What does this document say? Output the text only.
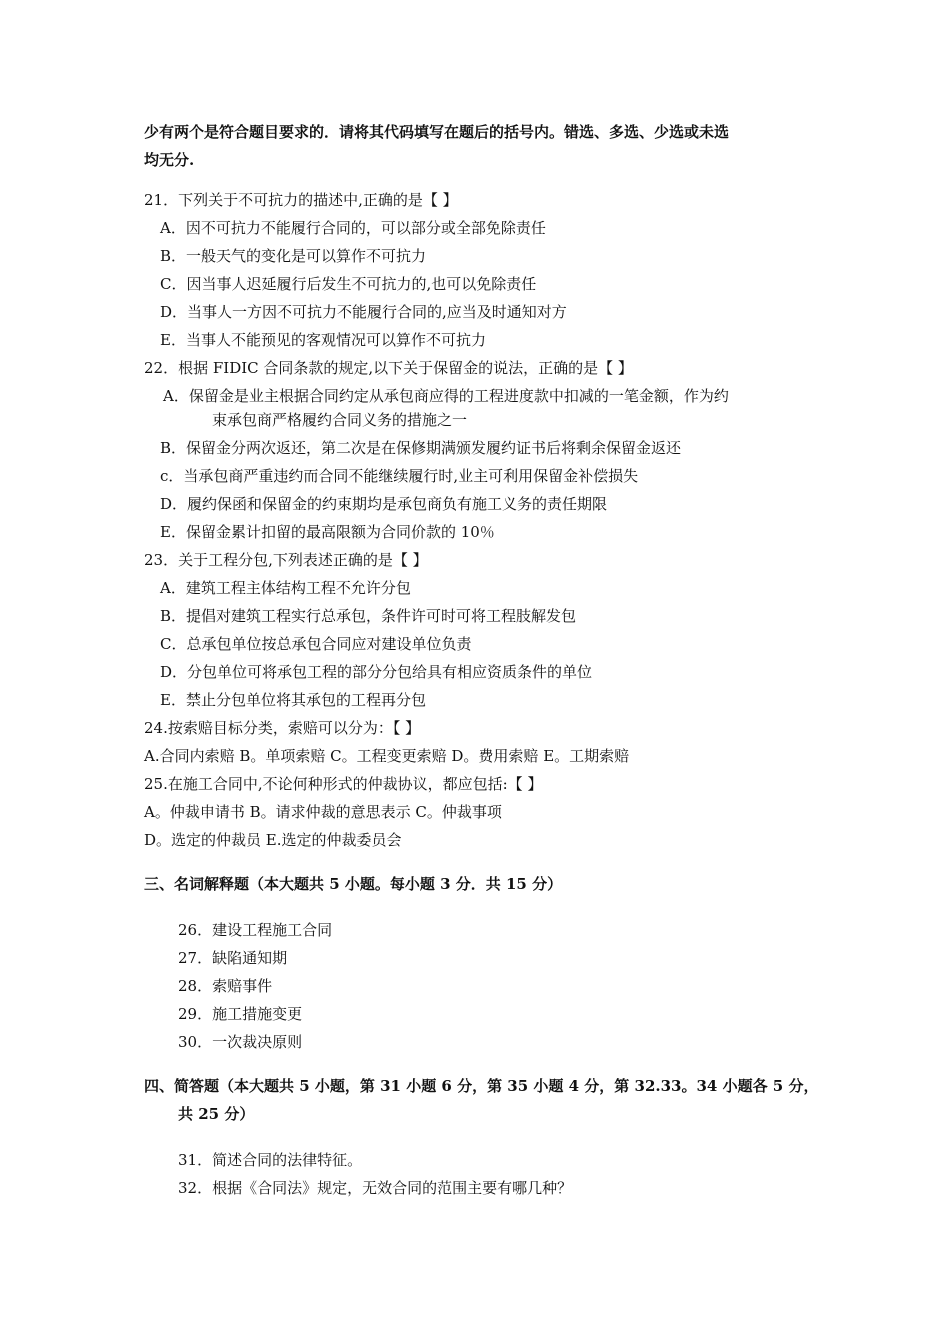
少有两个是符合题目要求的．请将其代码填写在题后的括号内。错选、多选、少选或未选
均无分.
21．下列关于不可抗力的描述中,正确的是【 】
A．因不可抗力不能履行合同的，可以部分或全部免除责任
B．一般天气的变化是可以算作不可抗力
C．因当事人迟延履行后发生不可抗力的,也可以免除责任
D．当事人一方因不可抗力不能履行合同的,应当及时通知对方
E．当事人不能预见的客观情况可以算作不可抗力
22．根据 FIDIC 合同条款的规定,以下关于保留金的说法，正确的是【 】
A．保留金是业主根据合同约定从承包商应得的工程进度款中扣减的一笔金额，作为约
束承包商严格履约合同义务的措施之一
B．保留金分两次返还，第二次是在保修期满颁发履约证书后将剩余保留金返还
c．当承包商严重违约而合同不能继续履行时,业主可利用保留金补偿损失
D．履约保函和保留金的约束期均是承包商负有施工义务的责任期限
E．保留金累计扣留的最高限额为合同价款的 10％
23．关于工程分包,下列表述正确的是【 】
A．建筑工程主体结构工程不允许分包
B．提倡对建筑工程实行总承包，条件许可时可将工程肢解发包
C．总承包单位按总承包合同应对建设单位负责
D．分包单位可将承包工程的部分分包给具有相应资质条件的单位
E．禁止分包单位将其承包的工程再分包
24.按索赔目标分类，索赔可以分为：【 】
A.合同内索赔 B。单项索赔 C。工程变更索赔 D。费用索赔 E。工期索赔
25.在施工合同中,不论何种形式的仲裁协议，都应包括:【 】
A。仲裁申请书 B。请求仲裁的意思表示 C。仲裁事项
D。选定的仲裁员 E.选定的仲裁委员会
三、名词解释题（本大题共 5 小题。每小题 3 分．共 15 分）
26．建设工程施工合同
27．缺陷通知期
28．索赔事件
29．施工措施变更
30．一次裁决原则
四、简答题（本大题共 5 小题，第 31 小题 6 分，第 35 小题 4 分，第 32.33。34 小题各 5 分，
共 25 分）
31．简述合同的法律特征。
32．根据《合同法》规定，无效合同的范围主要有哪几种？
